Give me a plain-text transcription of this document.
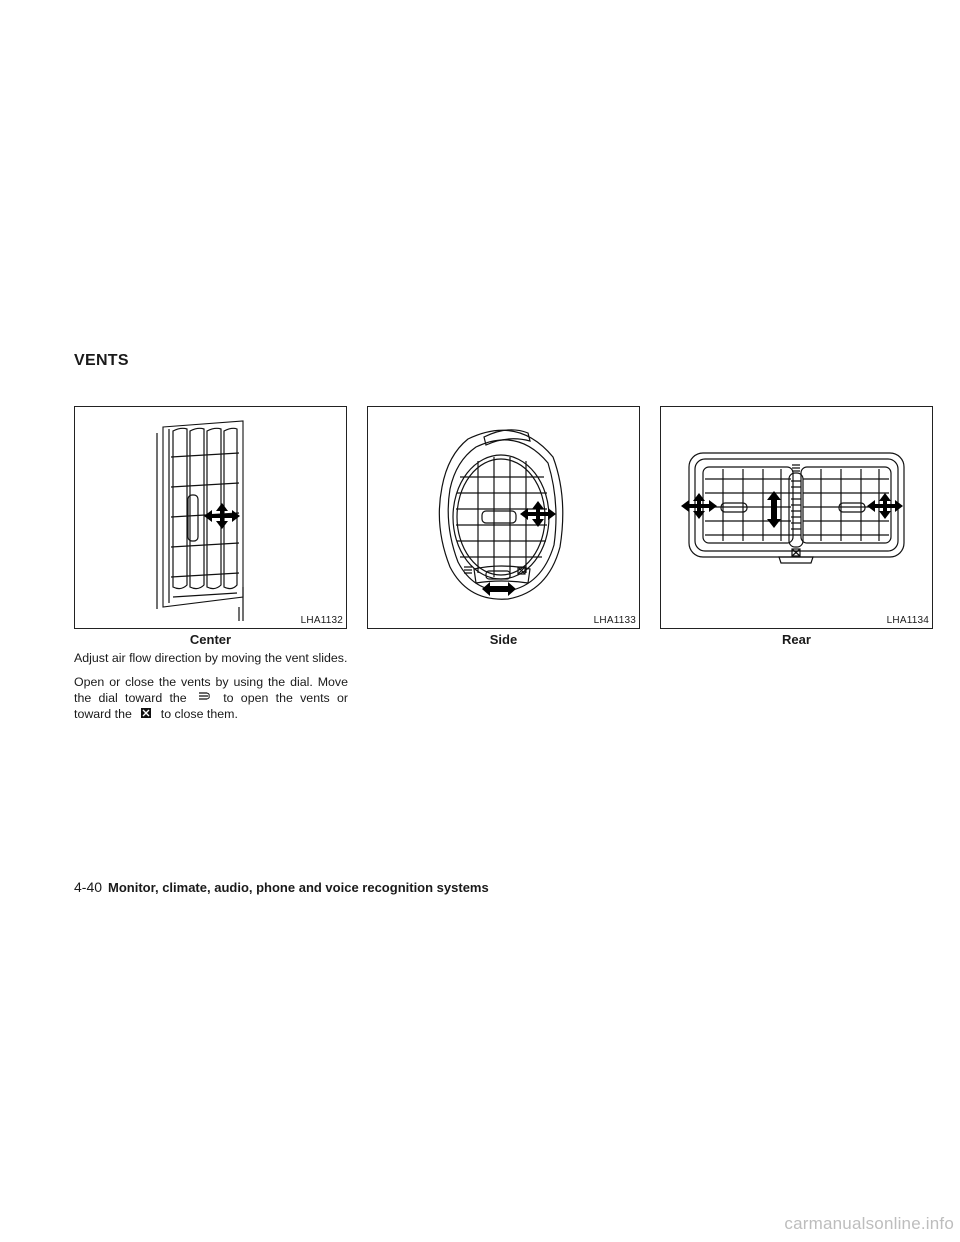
VENTS
LHA1132	LHA1133	LHA1134
Center	Side	Rear

Adjust air flow direction by moving the vent slides.

Open or close the vents by using the dial. Move the dial toward the	to open the vents or toward the to close them.

4-40 Monitor, climate, audio, phone and voice recognition systems
carmanualsonline.info
